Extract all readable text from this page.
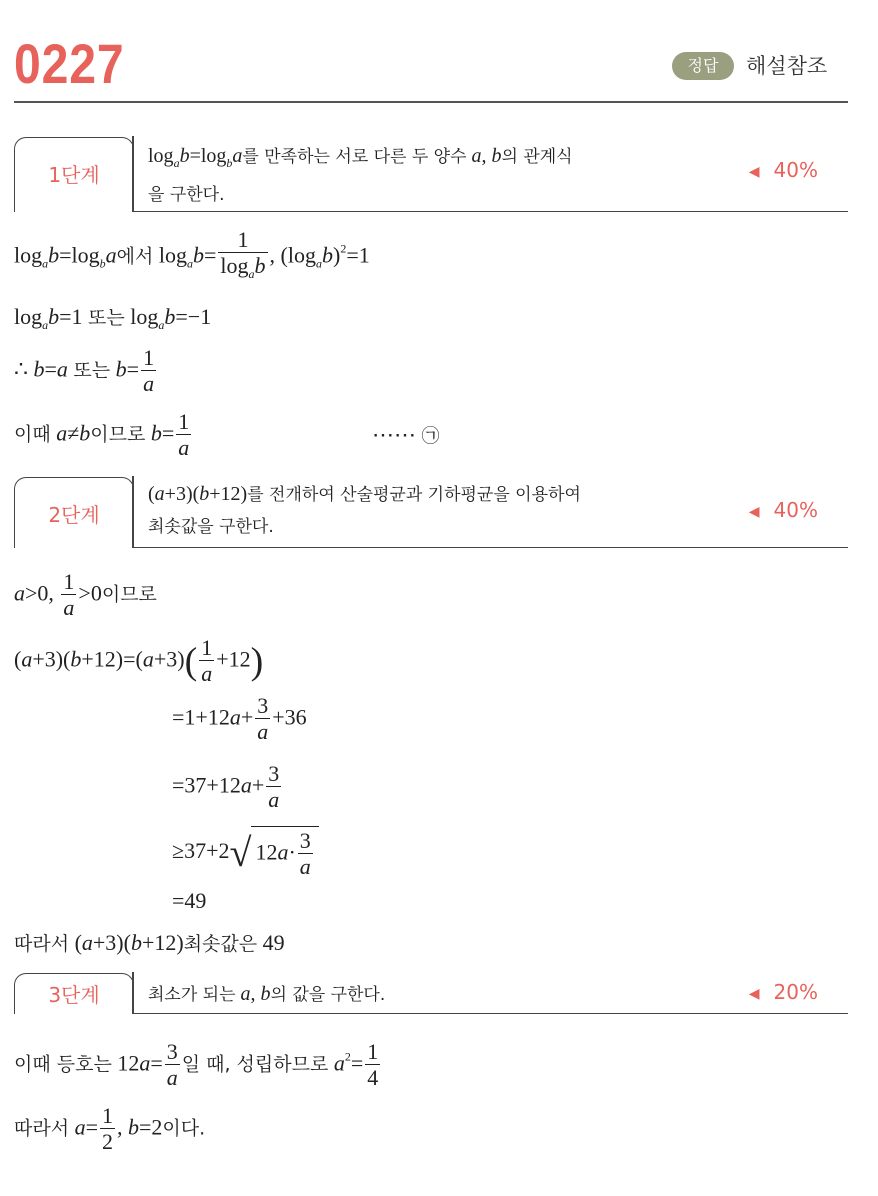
0227	정답	해설참조
1단계
$\log_ab=\log_ba$를 만족하는 서로 다른 두 양수 a, b의 관계식
을 구한다.
◀ 40%
$\log_ab=\log_ba$에서 $\log_ab= \frac{1}{\log_ab}$ , $(\log_ab)^2=1$
$\log_ab=1$ 또는 $\log_ab=-1$
∴ b=a 또는 $b= \frac{1}{a}$
이때 a≠b이므로 $b= \frac{1}{a}$	⋯⋯ ㉠
2단계
(a+3)(b+12)를 전개하여 산술평균과 기하평균을 이용하여
최솟값을 구한다.
◀ 40%
a>0, $\frac{1}{a} >0$이므로
$(a+3)(b+12)=(a+3)( \frac{1}{a} +12)$
$=1+12a+ \frac{3}{a} +36$
$=37+12a+ \frac{3}{a}$
≥37+2√ $12a\cdot \frac{3}{a}$
=49
따라서 (a+3)(b+12)최솟값은 49
3단계	최소가 되는 a, b의 값을 구한다.	◀ 20%
이때 등호는 $12a= \frac{3}{a}$ 일 때, 성립하므로 $a^2= \frac{1}{4}$
따라서 $a= \frac{1}{2}$ , b=2이다.
